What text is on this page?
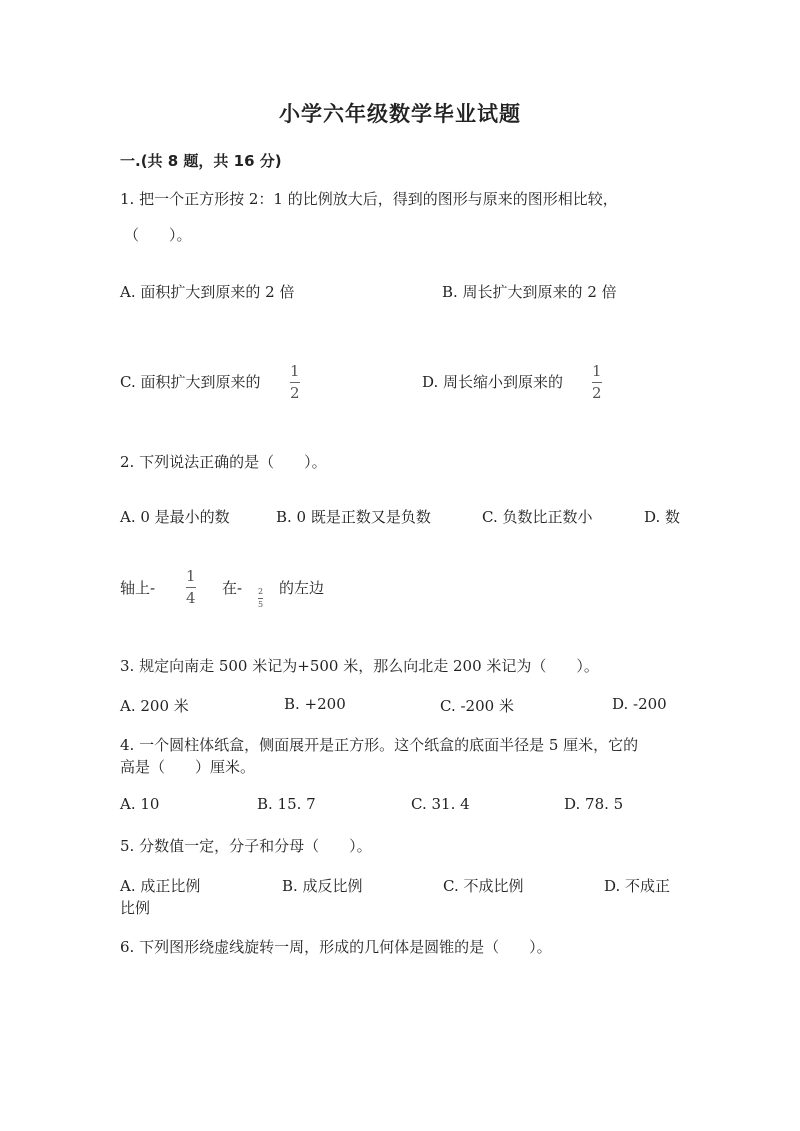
小学六年级数学毕业试题
一.(共 8 题，共 16 分)
1. 把一个正方形按 2：1 的比例放大后，得到的图形与原来的图形相比较，
（　　）。
A. 面积扩大到原来的 2 倍	B. 周长扩大到原来的 2 倍
C. 面积扩大到原来的
1
2
D. 周长缩小到原来的
1
2
2. 下列说法正确的是（　　）。
A. 0 是最小的数	B. 0 既是正数又是负数	C. 负数比正数小	D. 数
轴上-
1
4
在- 2
5
的左边
3. 规定向南走 500 米记为+500 米，那么向北走 200 米记为（　　）。
A. 200 米	B. +200	C. -200 米	D. -200
4. 一个圆柱体纸盒，侧面展开是正方形。这个纸盒的底面半径是 5 厘米，它的
高是（　　）厘米。
A. 10	B. 15. 7	C. 31. 4	D. 78. 5
5. 分数值一定，分子和分母（　　）。
A. 成正比例	B. 成反比例	C. 不成比例	D. 不成正
比例
6. 下列图形绕虚线旋转一周，形成的几何体是圆锥的是（　　）。
